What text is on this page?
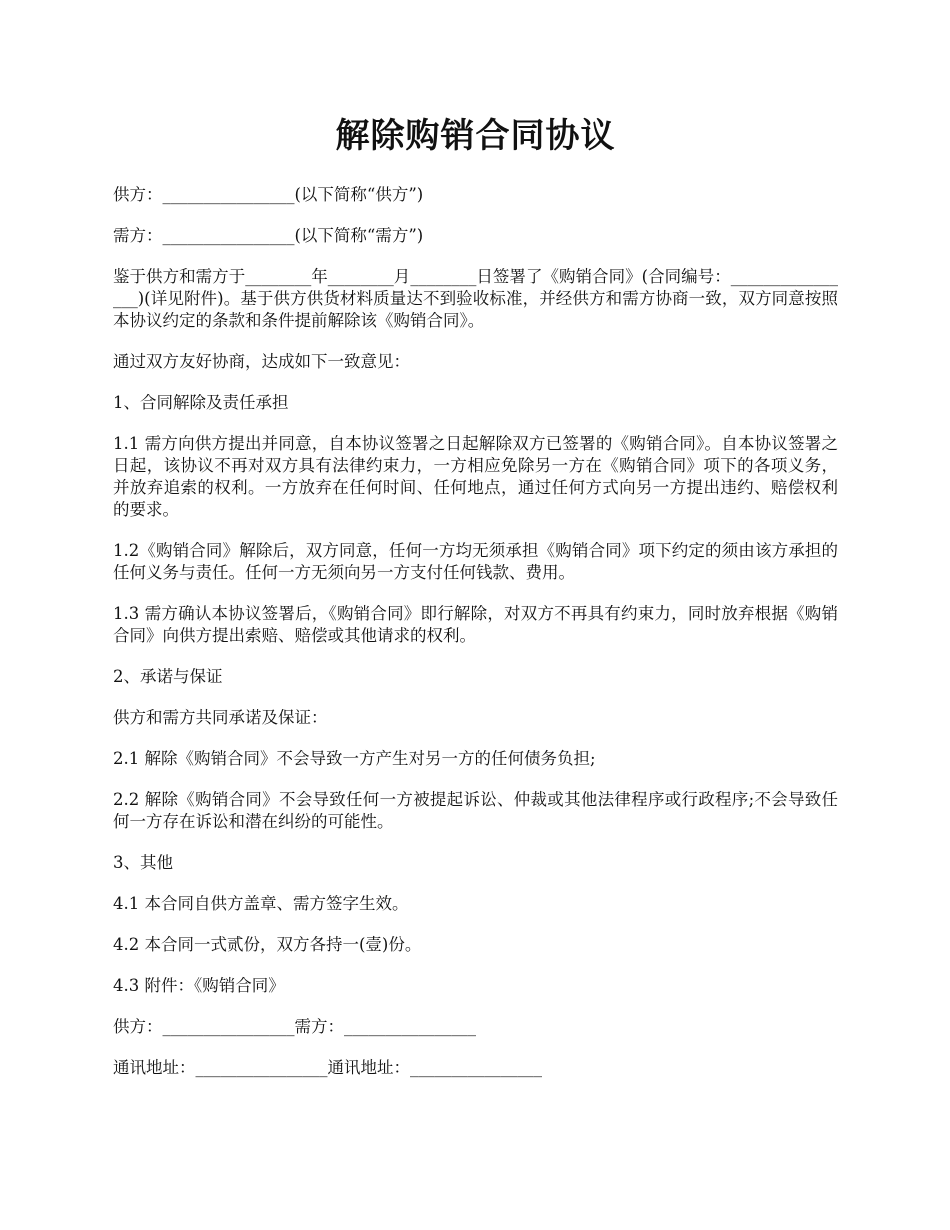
解除购销合同协议

供方：________________(以下简称“供方”)

需方：________________(以下简称“需方”)

鉴于供方和需方于________年________月________日签署了《购销合同》(合同编号：________________)(详见附件)。基于供方供货材料质量达不到验收标准，并经供方和需方协商一致，双方同意按照本协议约定的条款和条件提前解除该《购销合同》。

通过双方友好协商，达成如下一致意见：

1、合同解除及责任承担

1.1 需方向供方提出并同意，自本协议签署之日起解除双方已签署的《购销合同》。自本协议签署之日起，该协议不再对双方具有法律约束力，一方相应免除另一方在《购销合同》项下的各项义务，并放弃追索的权利。一方放弃在任何时间、任何地点，通过任何方式向另一方提出违约、赔偿权利的要求。

1.2《购销合同》解除后，双方同意，任何一方均无须承担《购销合同》项下约定的须由该方承担的任何义务与责任。任何一方无须向另一方支付任何钱款、费用。

1.3 需方确认本协议签署后，《购销合同》即行解除，对双方不再具有约束力，同时放弃根据《购销合同》向供方提出索赔、赔偿或其他请求的权利。

2、承诺与保证

供方和需方共同承诺及保证：

2.1 解除《购销合同》不会导致一方产生对另一方的任何债务负担;

2.2 解除《购销合同》不会导致任何一方被提起诉讼、仲裁或其他法律程序或行政程序;不会导致任何一方存在诉讼和潜在纠纷的可能性。

3、其他

4.1 本合同自供方盖章、需方签字生效。

4.2 本合同一式贰份，双方各持一(壹)份。

4.3 附件：《购销合同》

供方：________________需方：________________

通讯地址：________________通讯地址：________________
